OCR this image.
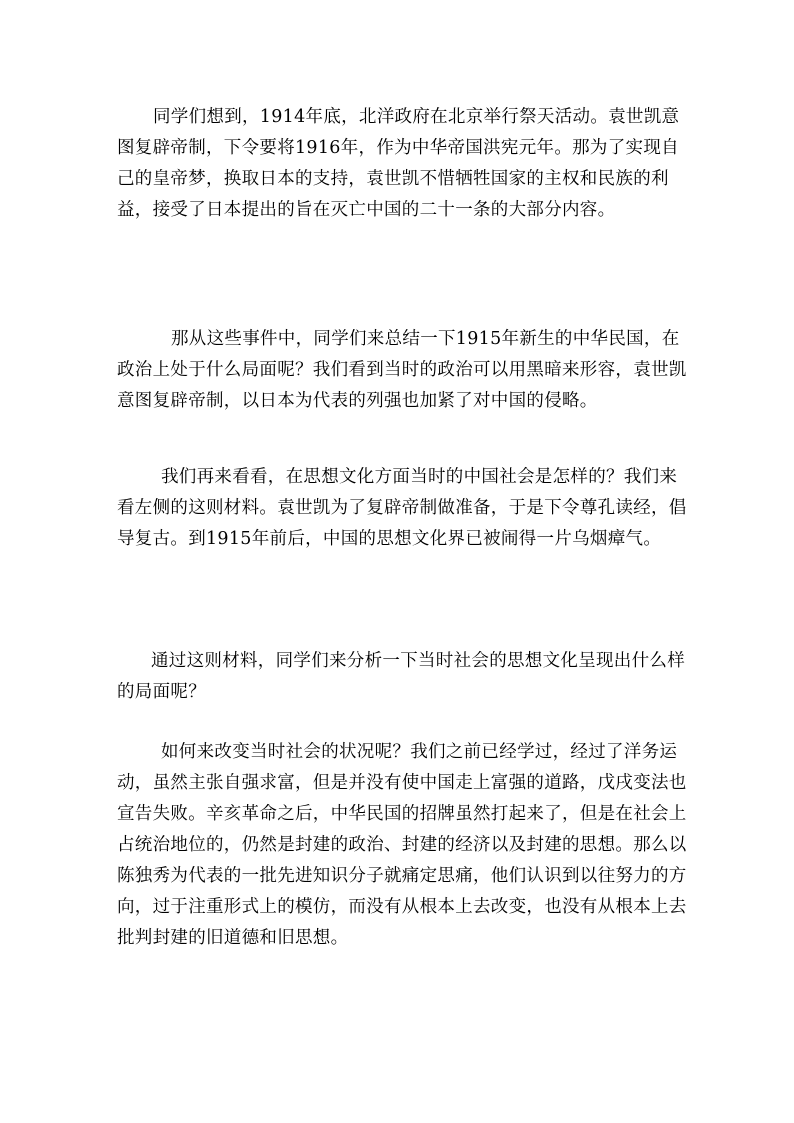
同学们想到，1914年底，北洋政府在北京举行祭天活动。袁世凯意图复辟帝制，下令要将1916年，作为中华帝国洪宪元年。那为了实现自己的皇帝梦，换取日本的支持，袁世凯不惜牺牲国家的主权和民族的利益，接受了日本提出的旨在灭亡中国的二十一条的大部分内容。

那从这些事件中，同学们来总结一下1915年新生的中华民国，在政治上处于什么局面呢？我们看到当时的政治可以用黑暗来形容，袁世凯意图复辟帝制，以日本为代表的列强也加紧了对中国的侵略。

我们再来看看，在思想文化方面当时的中国社会是怎样的？我们来看左侧的这则材料。袁世凯为了复辟帝制做准备，于是下令尊孔读经，倡导复古。到1915年前后，中国的思想文化界已被闹得一片乌烟瘴气。

通过这则材料，同学们来分析一下当时社会的思想文化呈现出什么样的局面呢？

如何来改变当时社会的状况呢？我们之前已经学过，经过了洋务运动，虽然主张自强求富，但是并没有使中国走上富强的道路，戊戌变法也宣告失败。辛亥革命之后，中华民国的招牌虽然打起来了，但是在社会上占统治地位的，仍然是封建的政治、封建的经济以及封建的思想。那么以陈独秀为代表的一批先进知识分子就痛定思痛，他们认识到以往努力的方向，过于注重形式上的模仿，而没有从根本上去改变，也没有从根本上去批判封建的旧道德和旧思想。
